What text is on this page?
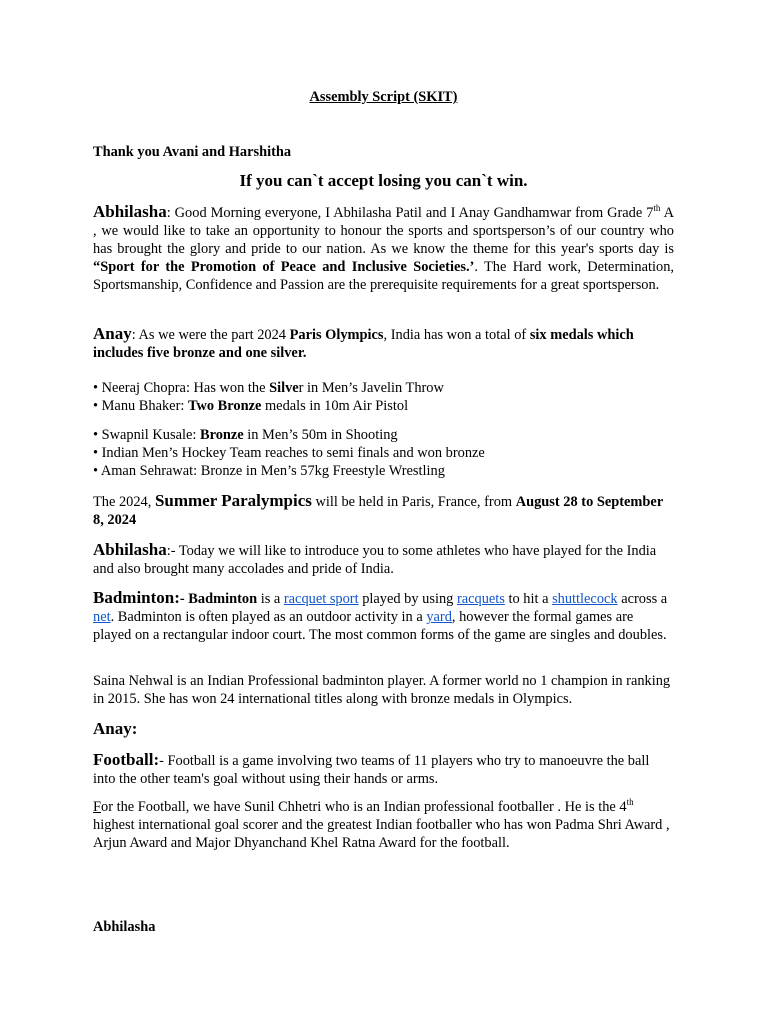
Assembly Script (SKIT)
Thank you Avani and Harshitha
If you can`t accept losing you can`t win.

Abhilasha: Good Morning everyone, I Abhilasha Patil and I Anay Gandhamwar from Grade 7th A , we would like to take an opportunity to honour the sports and sportsperson’s of our country who has brought the glory and pride to our nation. As we know the theme for this year's sports day is “Sport for the Promotion of Peace and Inclusive Societies.’. The Hard work, Determination, Sportsmanship, Confidence and Passion are the prerequisite requirements for a great sportsperson.

Anay: As we were the part 2024 Paris Olympics, India has won a total of six medals which includes five bronze and one silver.

• Neeraj Chopra: Has won the Silver in Men’s Javelin Throw
• Manu Bhaker: Two Bronze medals in 10m Air Pistol
• Swapnil Kusale: Bronze in Men’s 50m in Shooting
• Indian Men’s Hockey Team reaches to semi finals and won bronze
• Aman Sehrawat: Bronze in Men’s 57kg Freestyle Wrestling

The 2024, Summer Paralympics will be held in Paris, France, from August 28 to September 8, 2024

Abhilasha:- Today we will like to introduce you to some athletes who have played for the India and also brought many accolades and pride of India.

Badminton:- Badminton is a racquet sport played by using racquets to hit a shuttlecock across a net. Badminton is often played as an outdoor activity in a yard, however the formal games are played on a rectangular indoor court. The most common forms of the game are singles and doubles.

Saina Nehwal is an Indian Professional badminton player. A former world no 1 champion in ranking in 2015. She has won 24 international titles along with bronze medals in Olympics.

Anay:

Football:- Football is a game involving two teams of 11 players who try to manoeuvre the ball into the other team's goal without using their hands or arms.

For the Football, we have Sunil Chhetri who is an Indian professional footballer . He is the 4th highest international goal scorer and the greatest Indian footballer who has won Padma Shri Award , Arjun Award and Major Dhyanchand Khel Ratna Award for the football.

Abhilasha
